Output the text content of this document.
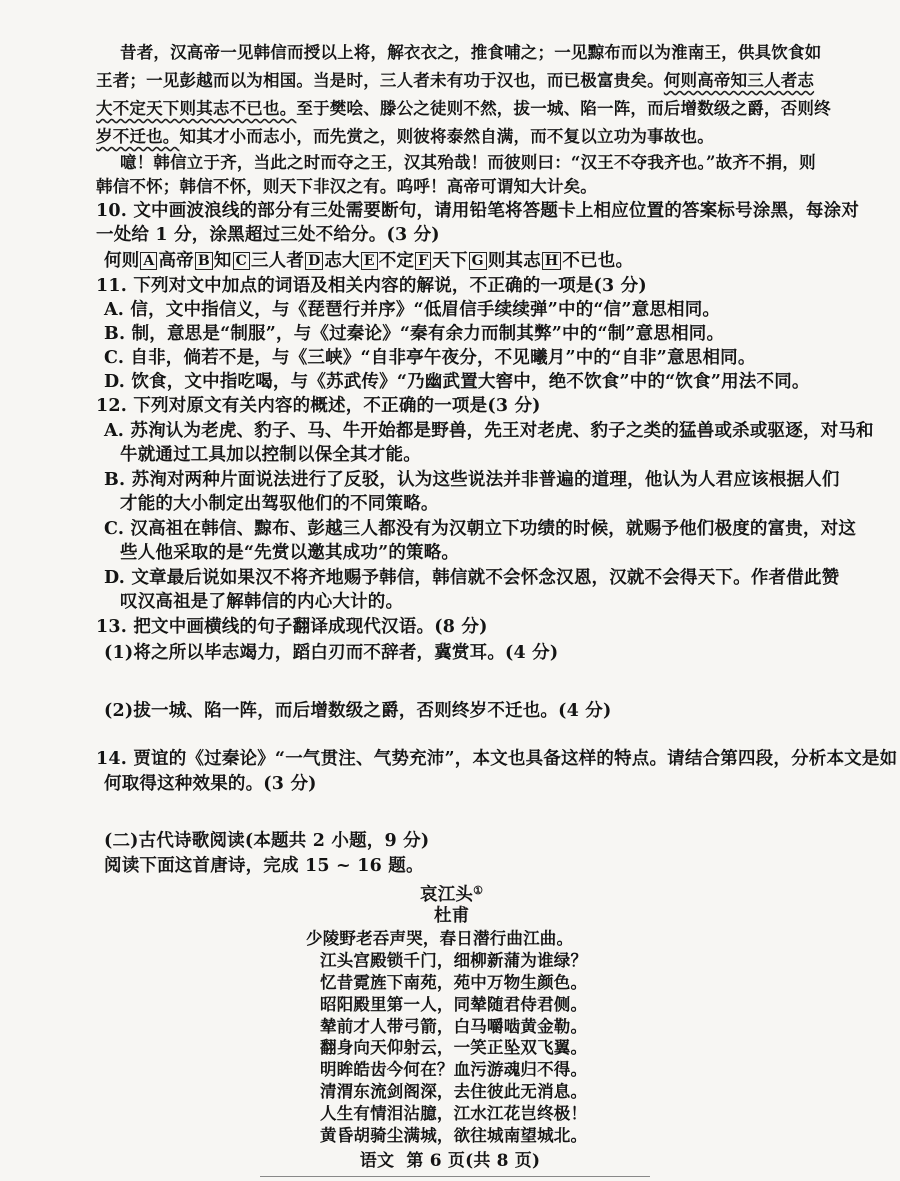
昔者，汉高帝一见韩信而授以上将，解衣衣之，推食哺之；一见黥布而以为淮南王，供具饮食如
王者；一见彭越而以为相国。当是时，三人者未有功于汉也，而已极富贵矣。何则高帝知三人者志
大不定天下则其志不已也。至于樊哙、滕公之徒则不然，拔一城、陷一阵，而后增数级之爵，否则终
岁不迁也。知其才小而志小，而先赏之，则彼将泰然自满，而不复以立功为事故也。
噫！韩信立于齐，当此之时而夺之王，汉其殆哉！而彼则曰：“汉王不夺我齐也。”故齐不捐，则
韩信不怀；韩信不怀，则天下非汉之有。呜呼！高帝可谓知大计矣。
10. 文中画波浪线的部分有三处需要断句，请用铅笔将答题卡上相应位置的答案标号涂黑，每涂对
一处给 1 分，涂黑超过三处不给分。(3 分)
何则 A 高帝 B 知 C 三人者 D 志大 E 不定 F 天下 G 则其志 H 不已也。
11. 下列对文中加点的词语及相关内容的解说，不正确的一项是(3 分)
A. 信，文中指信义，与《琵琶行并序》“低眉信手续续弹”中的“信”意思相同。
B. 制，意思是“制服”，与《过秦论》“秦有余力而制其弊”中的“制”意思相同。
C. 自非，倘若不是，与《三峡》“自非亭午夜分，不见曦月”中的“自非”意思相同。
D. 饮食，文中指吃喝，与《苏武传》“乃幽武置大窖中，绝不饮食”中的“饮食”用法不同。
12. 下列对原文有关内容的概述，不正确的一项是(3 分)
A. 苏洵认为老虎、豹子、马、牛开始都是野兽，先王对老虎、豹子之类的猛兽或杀或驱逐，对马和
牛就通过工具加以控制以保全其才能。
B. 苏洵对两种片面说法进行了反驳，认为这些说法并非普遍的道理，他认为人君应该根据人们
才能的大小制定出驾驭他们的不同策略。
C. 汉高祖在韩信、黥布、彭越三人都没有为汉朝立下功绩的时候，就赐予他们极度的富贵，对这
些人他采取的是“先赏以邀其成功”的策略。
D. 文章最后说如果汉不将齐地赐予韩信，韩信就不会怀念汉恩，汉就不会得天下。作者借此赞
叹汉高祖是了解韩信的内心大计的。
13. 把文中画横线的句子翻译成现代汉语。(8 分)
(1)将之所以毕志竭力，蹈白刃而不辞者，冀赏耳。(4 分)
(2)拔一城、陷一阵，而后增数级之爵，否则终岁不迁也。(4 分)
14. 贾谊的《过秦论》“一气贯注、气势充沛”，本文也具备这样的特点。请结合第四段，分析本文是如
何取得这种效果的。(3 分)
(二)古代诗歌阅读(本题共 2 小题，9 分)
阅读下面这首唐诗，完成 15 ~ 16 题。
哀江头①
杜甫
语文 第 6 页(共 8 页)
少陵野老吞声哭，春日潜行曲江曲。
江头宫殿锁千门，细柳新蒲为谁绿？
忆昔霓旌下南苑，苑中万物生颜色。
昭阳殿里第一人，同辇随君侍君侧。
辇前才人带弓箭，白马嚼啮黄金勒。
翻身向天仰射云，一笑正坠双飞翼。
明眸皓齿今何在？血污游魂归不得。
清渭东流剑阁深，去住彼此无消息。
人生有情泪沾臆，江水江花岂终极！
黄昏胡骑尘满城，欲往城南望城北。
